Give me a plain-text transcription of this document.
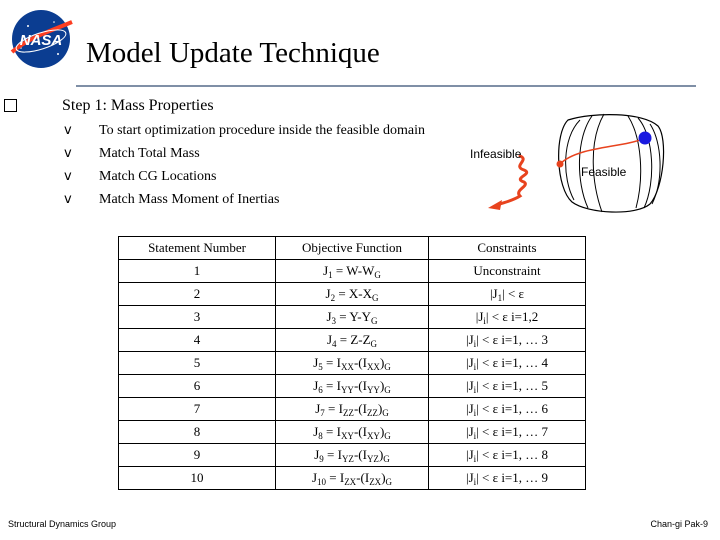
NASA Model Update Technique
Step 1: Mass Properties
v To start optimization procedure inside the feasible domain
v Match Total Mass
v Match CG Locations
v Match Mass Moment of Inertias
Infeasible
Feasible
Statement Number	Objective Function	Constraints
1	$J_1 = W-W_G$	Unconstraint
2	$J_2 = X-X_G$	$|J_1| < \varepsilon$
3	$J_3 = Y-Y_G$	$|J_i| < \varepsilon$ i=1,2
4	$J_4 = Z-Z_G$	$|J_i| < \varepsilon$ i=1, … 3
5	$J_5 = I_{XX}-(I_{XX})_G$	$|J_i| < \varepsilon$ i=1, … 4
6	$J_6 = I_{YY}-(I_{YY})_G$	$|J_i| < \varepsilon$ i=1, … 5
7	$J_7 = I_{ZZ}-(I_{ZZ})_G$	$|J_i| < \varepsilon$ i=1, … 6
8	$J_8 = I_{XY}-(I_{XY})_G$	$|J_i| < \varepsilon$ i=1, … 7
9	$J_9 = I_{YZ}-(I_{YZ})_G$	$|J_i| < \varepsilon$ i=1, … 8
10	$J_{10} = I_{ZX}-(I_{ZX})_G$	$|J_i| < \varepsilon$ i=1, … 9
Structural Dynamics Group	Chan-gi Pak-9
